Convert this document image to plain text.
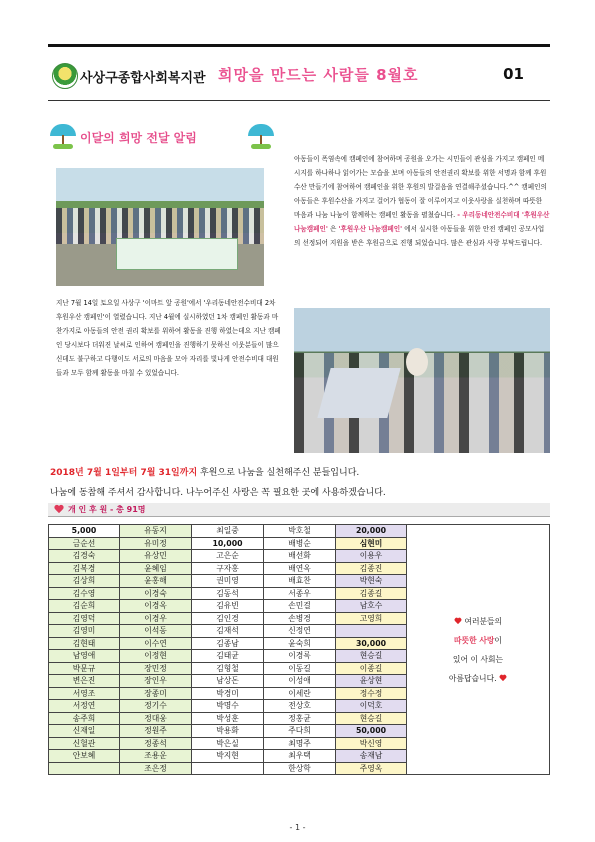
사상구종합사회복지관 희망을 만드는 사람들 8월호	01
이달의 희망 전달 알림

아동들이 폭염속에 캠페인에 참여하며 공원을 오가는 시민들이 관심을 가지고 캠페인 메시지를 하나하나 읽어가는 모습을 보며 아동들의 안전권리 확보를 위한 서명과 함께 후원수산 만들기에 참여하여 캠페인을 위한 후원의 발걸음을 연결해주셨습니다.^^ 캠페인의 아동들은 후원수산을 가지고 걸어가 협동이 잘 이루어지고 이웃사랑을 실천하며 따뜻한 마음과 나눔 나눔이 함께하는 캠페인 활동을 펼쳤습니다. - 우리동네안전수비대 '후원우산 나눔캠페인' 은 '후원우산 나눔캠페인' 에서 실시한 아동들을 위한 안전 캠페인 공모사업의 선정되어 지원을 받은 후원금으로 진행 되었습니다. 많은 관심과 사랑 부탁드립니다.

지난 7월 14일 토요일 사상구 '이마트 앞 공원'에서 '우리동네안전수비대 2차 후원우산 캠페인'이 열렸습니다. 지난 4월에 실시하였던 1차 캠페인 활동과 마찬가지로 아동들의 안전 권리 확보를 위하여 활동을 진행 하였는데요 지난 캠페인 당시보다 더워진 날씨로 인하여 캠페인을 진행하기 못하신 이웃분들이 많으신데도 불구하고 다행이도 서로의 마음을 모아 자리를 빛나게 안전수비대 대원들과 모두 함께 활동을 마칠 수 있었습니다.

2018년 7월 1일부터 7월 31일까지 후원으로 나눔을 실천해주신 분들입니다.
나눔에 동참해 주셔서 감사합니다. 나누어주신 사랑은 꼭 필요한 곳에 사용하겠습니다.
개 인 후 원 - 총 91명
5,000	유동지	최일중	박호철	20,000	여러분들의
따뜻한 사랑이
있어 이 사회는
아름답습니다.
금순선	유미정	10,000	배병순	심현미	
김경숙	유상민	고은순	배선화	이용우	
김복경	윤혜임	구자홍	배연옥	김종진	
김상희	윤홍해	권미영	배효찬	박현숙	
김수영	이경숙	김동석	서종우	김종길	
김순희	이경옥	김유빈	손민걸	남호수	
김영덕	이경우	김인경	손병경	고영희	
김영미	이석동	김재석	신정연		
김현태	이수연	김종남	윤숙희	30,000	
남영애	이정현	김태균	이경록	현승길	
박문규	장민정	김형철	이동길	이종길	
변은진	장인우	남상돈	이성애	윤상현	
서영조	장종미	박경미	이세란	정수정	
서정연	정기수	박명수	전상호	이덕호	
송주희	정대웅	박성훈	정홍균	현승길	
신재일	정원주	박용화	주다희	50,000	
신혈관	정종석	박은실	최명주	박신영	
안보혜	조용운	박지현	최우택	송재남	
	조은정		한상학	주영옥	
- 1 -
